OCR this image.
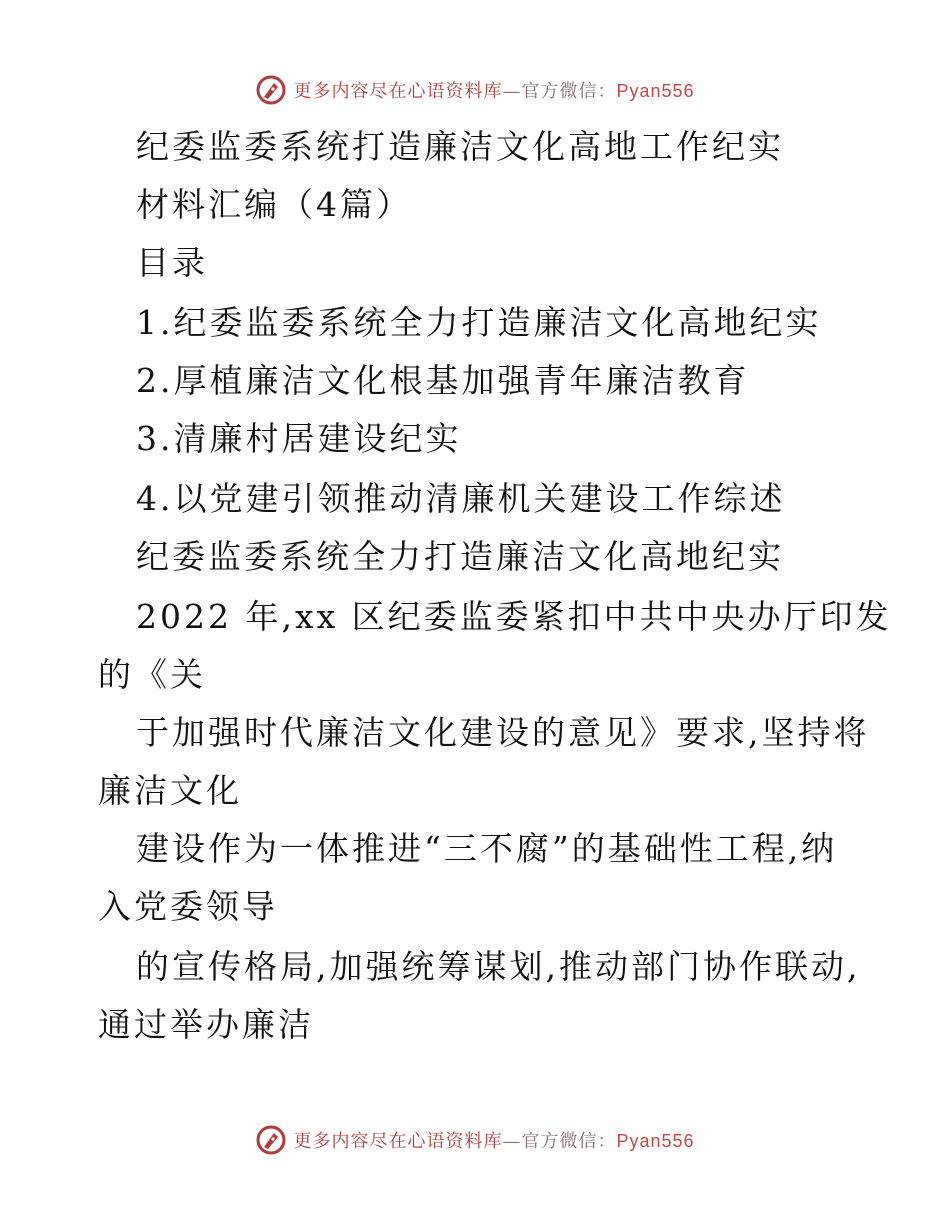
更多内容尽在心语资料库—官方微信：Pyan556
纪委监委系统打造廉洁文化高地工作纪实
材料汇编（4篇）
目录
1.纪委监委系统全力打造廉洁文化高地纪实
2.厚植廉洁文化根基加强青年廉洁教育
3.清廉村居建设纪实
4.以党建引领推动清廉机关建设工作综述
纪委监委系统全力打造廉洁文化高地纪实
2022 年,xx 区纪委监委紧扣中共中央办厅印发
的《关
于加强时代廉洁文化建设的意见》要求,坚持将
廉洁文化
建设作为一体推进“三不腐”的基础性工程,纳
入党委领导
的宣传格局,加强统筹谋划,推动部门协作联动,
通过举办廉洁
更多内容尽在心语资料库—官方微信：Pyan556
